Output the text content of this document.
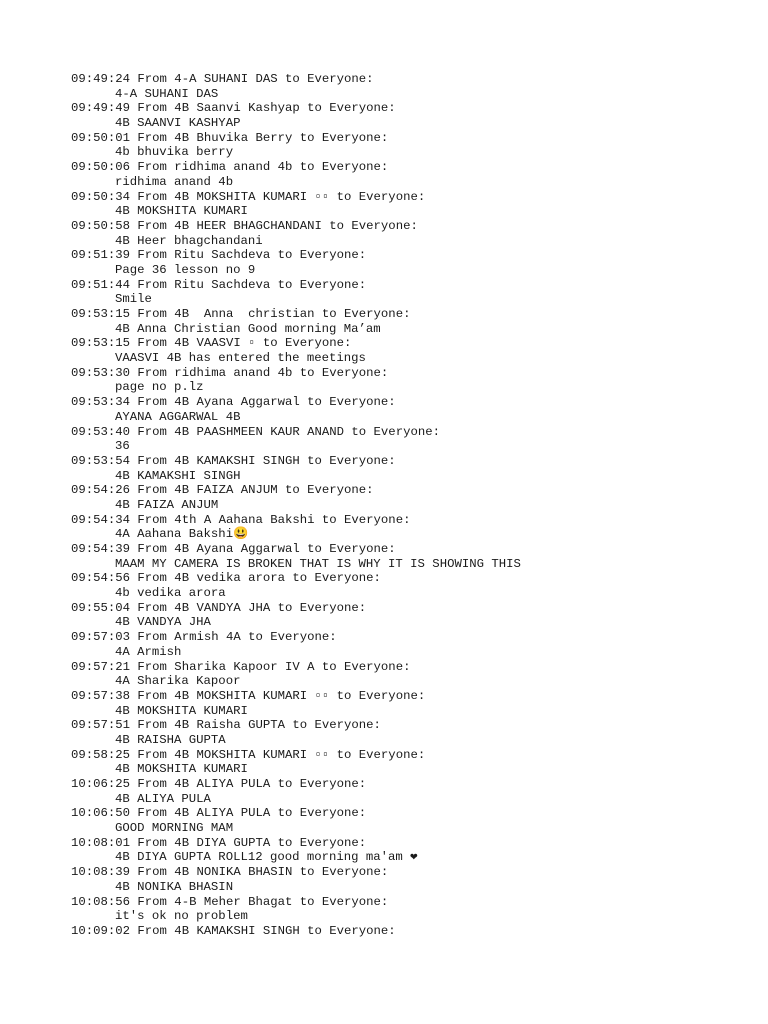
09:49:24 From 4-A SUHANI DAS to Everyone:
4-A SUHANI DAS
09:49:49 From 4B Saanvi Kashyap to Everyone:
4B SAANVI KASHYAP
09:50:01 From 4B Bhuvika Berry to Everyone:
4b bhuvika berry
09:50:06 From ridhima anand 4b to Everyone:
ridhima anand 4b
09:50:34 From 4B MOKSHITA KUMARI ▫▫ to Everyone:
4B MOKSHITA KUMARI
09:50:58 From 4B HEER BHAGCHANDANI to Everyone:
4B Heer bhagchandani
09:51:39 From Ritu Sachdeva to Everyone:
Page 36 lesson no 9
09:51:44 From Ritu Sachdeva to Everyone:
Smile
09:53:15 From 4B  Anna  christian to Everyone:
4B Anna Christian Good morning Ma’am
09:53:15 From 4B VAASVI ▫ to Everyone:
VAASVI 4B has entered the meetings
09:53:30 From ridhima anand 4b to Everyone:
page no p.lz
09:53:34 From 4B Ayana Aggarwal to Everyone:
AYANA AGGARWAL 4B
09:53:40 From 4B PAASHMEEN KAUR ANAND to Everyone:
36
09:53:54 From 4B KAMAKSHI SINGH to Everyone:
4B KAMAKSHI SINGH
09:54:26 From 4B FAIZA ANJUM to Everyone:
4B FAIZA ANJUM
09:54:34 From 4th A Aahana Bakshi to Everyone:
4A Aahana Bakshi😃
09:54:39 From 4B Ayana Aggarwal to Everyone:
MAAM MY CAMERA IS BROKEN THAT IS WHY IT IS SHOWING THIS
09:54:56 From 4B vedika arora to Everyone:
4b vedika arora
09:55:04 From 4B VANDYA JHA to Everyone:
4B VANDYA JHA
09:57:03 From Armish 4A to Everyone:
4A Armish
09:57:21 From Sharika Kapoor IV A to Everyone:
4A Sharika Kapoor
09:57:38 From 4B MOKSHITA KUMARI ▫▫ to Everyone:
4B MOKSHITA KUMARI
09:57:51 From 4B Raisha GUPTA to Everyone:
4B RAISHA GUPTA
09:58:25 From 4B MOKSHITA KUMARI ▫▫ to Everyone:
4B MOKSHITA KUMARI
10:06:25 From 4B ALIYA PULA to Everyone:
4B ALIYA PULA
10:06:50 From 4B ALIYA PULA to Everyone:
GOOD MORNING MAM
10:08:01 From 4B DIYA GUPTA to Everyone:
4B DIYA GUPTA ROLL12 good morning ma'am ❤
10:08:39 From 4B NONIKA BHASIN to Everyone:
4B NONIKA BHASIN
10:08:56 From 4-B Meher Bhagat to Everyone:
it's ok no problem
10:09:02 From 4B KAMAKSHI SINGH to Everyone:
